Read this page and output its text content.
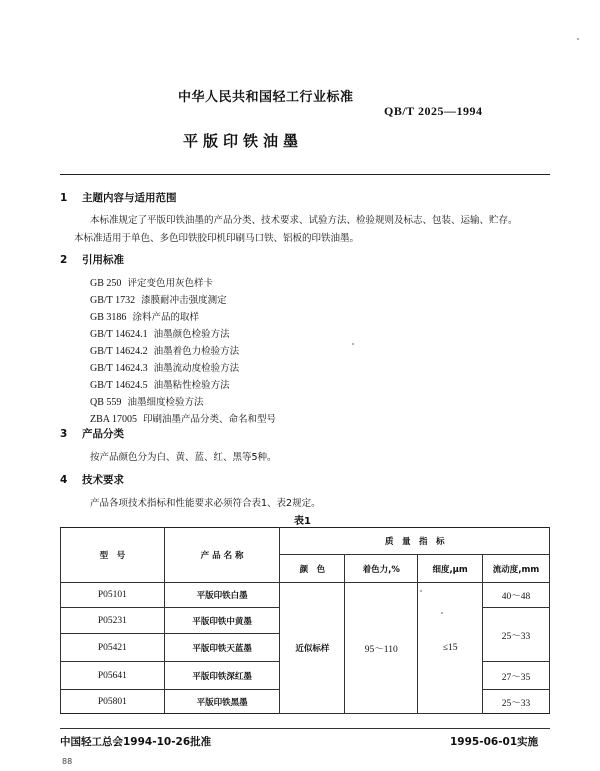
中华人民共和国轻工行业标准
QB/T 2025—1994
平版印铁油墨
1 主题内容与适用范围
本标准规定了平版印铁油墨的产品分类、技术要求、试验方法、检验规则及标志、包装、运输、贮存。
本标准适用于单色、多色印铁胶印机印刷马口铁、铝板的印铁油墨。
2 引用标准
GB 250 评定变色用灰色样卡
GB/T 1732 漆膜耐冲击强度测定
GB 3186 涂料产品的取样
GB/T 14624.1 油墨颜色检验方法
GB/T 14624.2 油墨着色力检验方法
GB/T 14624.3 油墨流动度检验方法
GB/T 14624.5 油墨粘性检验方法
QB 559 油墨细度检验方法
ZBA 17005 印刷油墨产品分类、命名和型号
3 产品分类
按产品颜色分为白、黄、蓝、红、黑等5种。
4 技术要求
产品各项技术指标和性能要求必须符合表1、表2规定。
表1
型　号	产 品 名 称	质　量　指　标			
		颜　色	着色力,%	细度,μm	流动度,mm
P05101	平版印铁白墨	近似标样	95～110	≤15	40～48
P05231	平版印铁中黄墨				25～33
P05421	平版印铁天蓝墨				
P05641	平版印铁深红墨				27～35
P05801	平版印铁黑墨				25～33
中国轻工总会1994-10-26批准	1995-06-01实施
88
